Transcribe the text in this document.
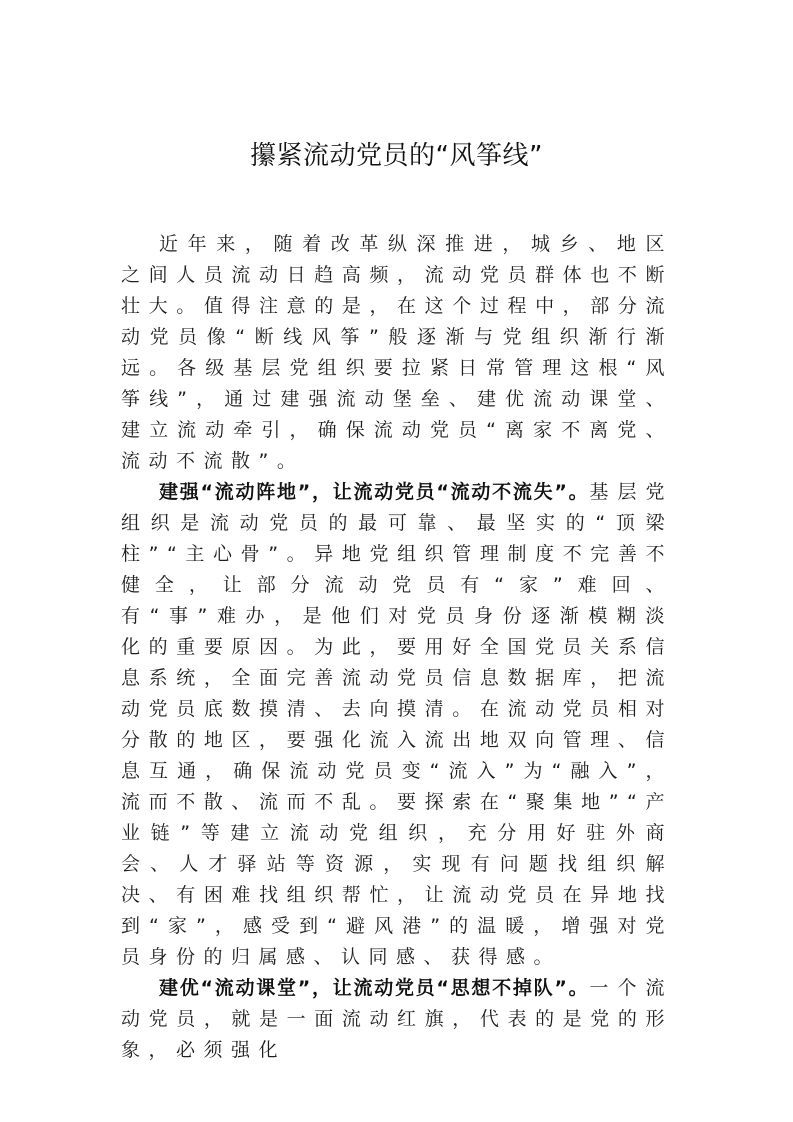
攥紧流动党员的“风筝线”

近年来，随着改革纵深推进，城乡、地区之间人员流动日趋高频，流动党员群体也不断壮大。值得注意的是，在这个过程中，部分流动党员像“断线风筝”般逐渐与党组织渐行渐远。各级基层党组织要拉紧日常管理这根“风筝线”，通过建强流动堡垒、建优流动课堂、建立流动牵引，确保流动党员“离家不离党、流动不流散”。

建强“流动阵地”，让流动党员“流动不流失”。基层党组织是流动党员的最可靠、最坚实的“顶梁柱”“主心骨”。异地党组织管理制度不完善不健全，让部分流动党员有“家”难回、有“事”难办，是他们对党员身份逐渐模糊淡化的重要原因。为此，要用好全国党员关系信息系统，全面完善流动党员信息数据库，把流动党员底数摸清、去向摸清。在流动党员相对分散的地区，要强化流入流出地双向管理、信息互通，确保流动党员变“流入”为“融入”，流而不散、流而不乱。要探索在“聚集地”“产业链”等建立流动党组织，充分用好驻外商会、人才驿站等资源，实现有问题找组织解决、有困难找组织帮忙，让流动党员在异地找到“家”，感受到“避风港”的温暖，增强对党员身份的归属感、认同感、获得感。

建优“流动课堂”，让流动党员“思想不掉队”。一个流动党员，就是一面流动红旗，代表的是党的形象，必须强化
